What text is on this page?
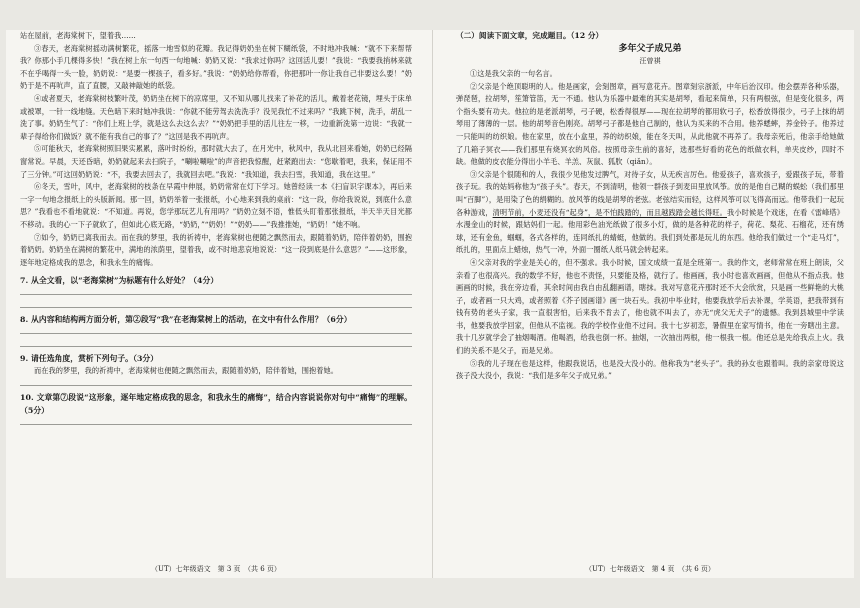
站在屋前，老海棠树下，望着我……

③春天，老海棠树摇动满树繁花，摇落一地雪似的花瓣。我记得奶奶坐在树下糊纸袋，不时地冲我喊：“就不下来帮帮我？你那小手几棵得多快！”我在树上东一句西一句地喊：奶奶又说：“我求过你吗？这回活儿要！”我说：“我要我捎林来就不在乎喝得一头一脸，奶奶说：“是要一棵孩子，看多好。”我说：“奶奶给你帮看，你把那叶一你让我自己非要这么要！”奶奶于是不再吭声，直了直腰，又敲神敲她的纸袋。

④或者夏天，老海棠树枝繁叶茂，奶奶坐在树下的凉席里，又不知从哪儿找来了补花的活儿，戴着老花镜，埋头于床单或被罩，一针一线地缝。天色暗下来时她冲我说：“你就不能劳驾去洗洗手？没见我忙不过来吗？”我跳下树，洗手，胡乱一洗了事。奶奶生气了：“你们上班上学，就是这么去这么去？”“奶奶把手里的活儿往左一移，一边重新洗第一边说：“我就一辈子得给你们做饭？就不能有我自己的事了？”这回是我不再吭声。

⑤可能秋天，老海棠树照旧果实累累，落叶时纷纷，那时就大去了，在月光中，秋风中，我从北回来看她，奶奶已经隔窗常说。早晨，天还昏暗，奶奶就起来去扫院子，“唰啦唰啦”的声音把我惊醒，赶紧跑出去：“您歇着吧，我来，保证用不了三分钟。”可这回奶奶说：“不，我要去回去了，我就回去吧。”我说：“我知道，我去扫雪，我知道，我在这里。”

⑥冬天，雪叶，风中，老海棠树的枝条在早霞中伸展，奶奶常常在灯下学习。她曾经读一本《扫盲识字课本》，再后来一字一句地念报纸上的头版新闻。那一回，奶奶举着一张报纸，小心地来到我的桌前：“这一段，你给我说说，到底什么意思？”我看也不看地就说：“不知道。再说，您学那玩艺儿有用吗？”奶奶立刻不语，惟低头盯着那张报纸，半天半天目光都不移动。我的心一下子就软了，但如此心底无路，“奶奶，”“奶奶！”“奶奶——”我推推她，“奶奶！”她不响。

⑦如今，奶奶已离我而去。而在我的梦里，我的祈祷中，老海棠树也便随之飘然而去，跟随着奶奶，陪伴着奶奶，围抱着奶奶。奶奶坐在满树的繁花中，满地的浓荫里，望着我，或不时地悲哀地说说：“这一段到底是什么意思？”——这形象，逐年地定格成我的思念，和我永生的痛悔。

7. 从全文看，以“老海棠树”为标题有什么好处？（4分）

8. 从内容和结构两方面分析，第②段写“我”在老海棠树上的活动，在文中有什么作用？（6分）

9. 请任选角度，赏析下列句子。（3分）

而在我的梦里，我的祈祷中，老海棠树也便随之飘然而去，跟随着奶奶，陪伴着她，围抱着她。

10. 文章第⑦段说“这形象，逐年地定格成我的思念，和我永生的痛悔”，结合内容说说你对句中“痛悔”的理解。（5分）

（UT）七年级语文　第 3 页　（共 6 页）

（二）阅读下面文章，完成题目。（12 分）

多年父子成兄弟
汪曾祺

①这是我父亲的一句名言。

②父亲是个绝顶聪明的人。他是画家，会刻图章，画写意花卉。图章刻宗浙派，中年后治汉印。他会摆弄各种乐器，弹琵琶，拉胡琴，笙箫管笛，无一不通。他认为乐器中最难的其实是胡琴，看起来简单，只有两根弦，但是变化很多，两个指头要有功夫。他拉的是老派胡琴，弓子硬，松香得很厚——现在拉胡琴的都用软弓子，松香放得很少，弓子上抹的胡琴用了薄薄的一层。他的胡琴音色刚亮。胡琴弓子都是他自己制的，他认为买来的不合用。他养蟋蟀，养金铃子。他养过一只能叫的纺织娘。他在家里，放在小盒里，养的纺织娘，能在冬天叫，从此他就不再养了。我母亲死后，他亲手给她做了几箱子冥衣——我们那里有烧冥衣的风俗。按照母亲生前的喜好，选那些好看的花色的纸做衣料，单夹皮纱，四时不缺。他做的皮衣能分得出小羊毛、羊羔、灰鼠、狐肷（qiǎn）。

③父亲是个很随和的人，我很少见他发过脾气，对待子女，从无疾言厉色。他爱孩子，喜欢孩子，爱跟孩子玩，带着孩子玩。我的姑妈称他为“孩子头”。春天，不到清明，他领一群孩子到麦田里放风筝。放的是他自己糊的蜈蚣（我们那里叫“百脚”），是用染了色的绢糊的。放风筝的线是胡琴的老弦。老弦结实而轻，这样风筝可以飞得高而远。他带我们一起玩各种游戏，清明节前，小麦还没有“起身”，是不怕践踏的，而且越践踏会越长得旺。我小时候是个戏迷，在看《雷峰塔》水漫金山的时候，跟姑妈们一起。他用彩色油光纸做了很多小灯，做的是各种花的样子，荷花、梨花、石榴花，还有绣球，还有金鱼，蝈蝈，各式各样的，连同纸扎的蜻蜓，他做的。我们到处都是玩儿的东西。他给我们做过一个“走马灯”，纸扎的，里面点上蜡烛，热气一冲，外面一圈纸人纸马就会转起来。

④父亲对我的学业是关心的，但不强求。我小时候，国文成绩一直是全班第一。我的作文，老师常常在班上朗读，父亲看了也很高兴。我的数学不好，他也不责怪，只要能及格，就行了。他画画，我小时也喜欢画画，但他从不指点我。他画画的时候，我在旁边看，其余时间由我自由乱翻画谱，瞎抹。我对写意花卉那时还不大会欣赏，只是画一些鲜艳的大桃子，或者画一只大鸡，或者照着《芥子园画谱》画一块石头。我初中毕业时，他要我放学后去补课，学英语，把我带到有钱有势的老头子家，我一直很害怕，后来我不肯去了，他也就不叫去了，亦无“虎父无犬子”的遗憾。我到县城里中学读书，他要我放学回家，但他从不监视。我的学校作业他不过问。我十七岁初恋，暑假里在家写情书，他在一旁瞎出主意。我十几岁就学会了抽烟喝酒。他喝酒，给我也倒一杯。抽烟，一次抽出两根，他一根我一根。他还总是先给我点上火。我们的关系不是父子，而是兄弟。

⑤我的儿子现在也是这样，他跟我说话，也是没大没小的。他称我为“老头子”。我的孙女也跟着叫。我的亲家母说这孩子没大没小，我说：“我们是多年父子成兄弟。”

（UT）七年级语文　第 4 页　（共 6 页）
